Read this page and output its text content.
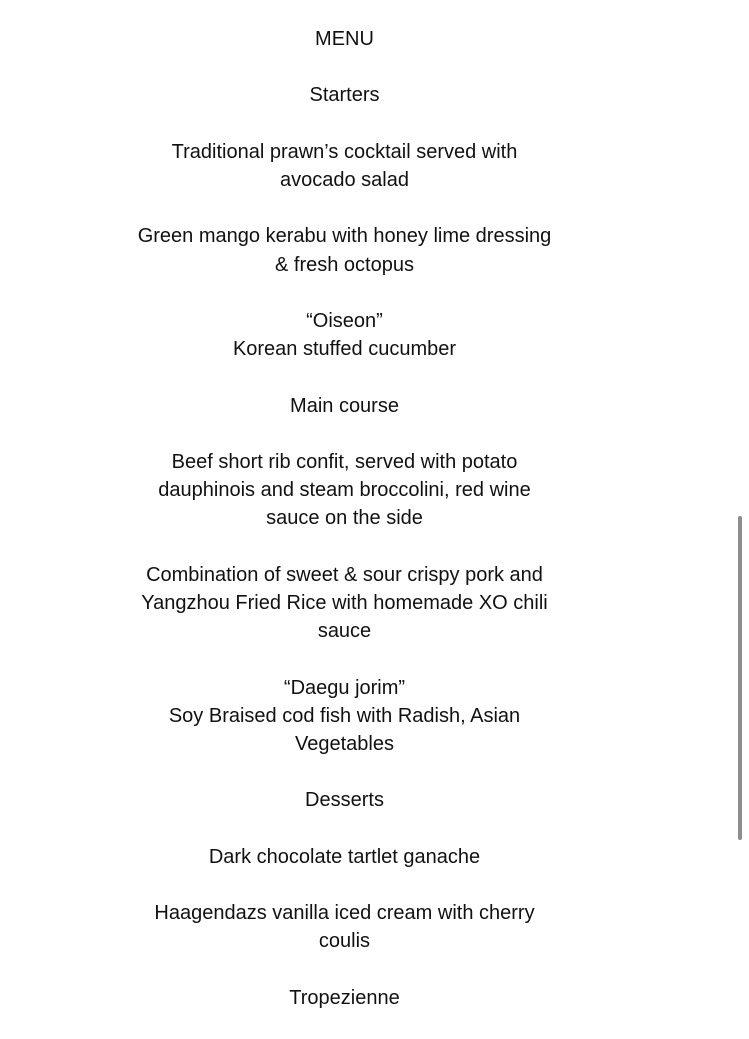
MENU
Starters
Traditional prawn’s cocktail served with
avocado salad
Green mango kerabu with honey lime dressing
& fresh octopus
“Oiseon”
Korean stuffed cucumber
Main course
Beef short rib confit, served with potato
dauphinois and steam broccolini, red wine
sauce on the side
Combination of sweet & sour crispy pork and
Yangzhou Fried Rice with homemade XO chili
sauce
“Daegu jorim”
Soy Braised cod fish with Radish, Asian
Vegetables
Desserts
Dark chocolate tartlet ganache
Haagendazs vanilla iced cream with cherry
coulis
Tropezienne
